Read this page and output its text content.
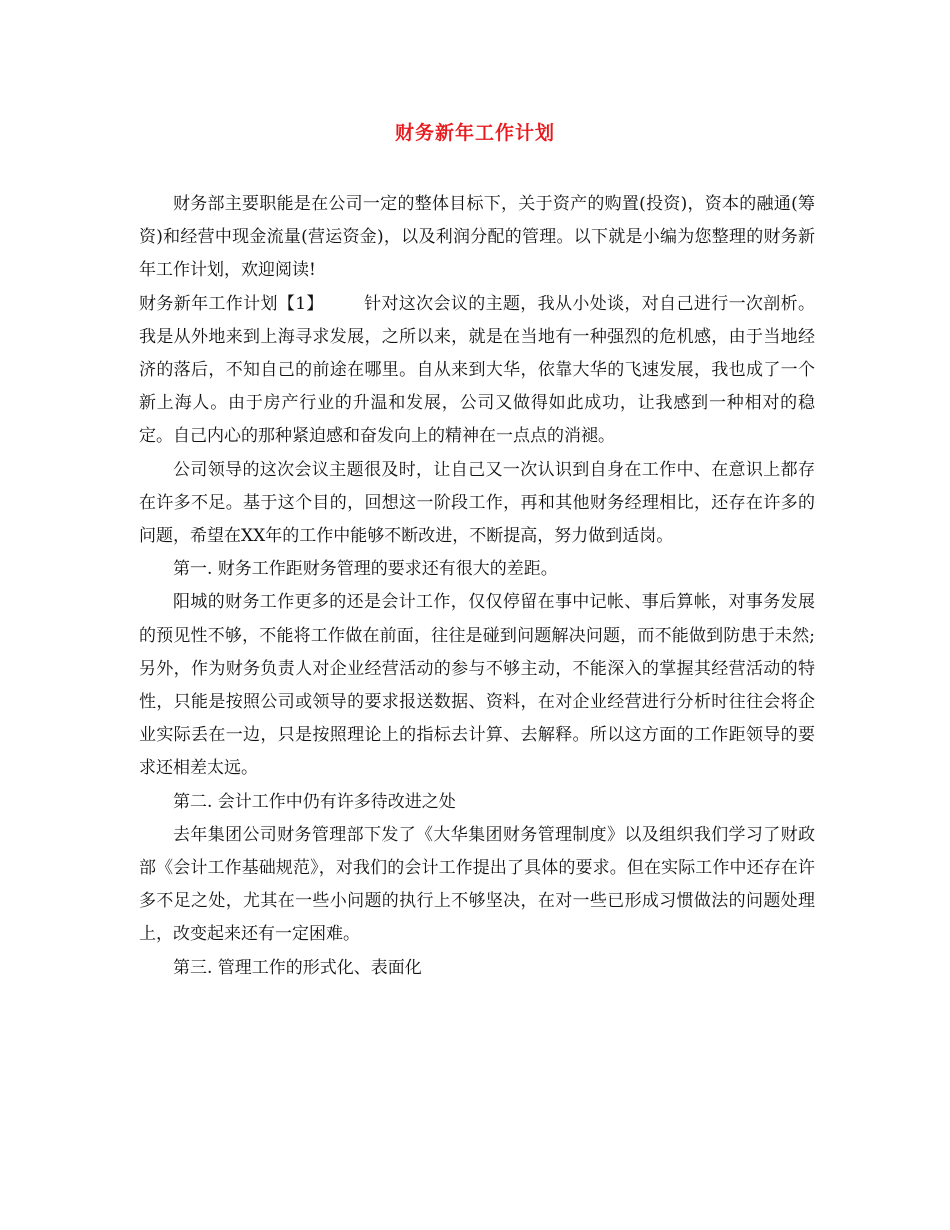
财务新年工作计划

财务部主要职能是在公司一定的整体目标下，关于资产的购置(投资)，资本的融通(筹资)和经营中现金流量(营运资金)，以及利润分配的管理。以下就是小编为您整理的财务新年工作计划，欢迎阅读!

财务新年工作计划【1】 针对这次会议的主题，我从小处谈，对自己进行一次剖析。我是从外地来到上海寻求发展，之所以来，就是在当地有一种强烈的危机感，由于当地经济的落后，不知自己的前途在哪里。自从来到大华，依靠大华的飞速发展，我也成了一个新上海人。由于房产行业的升温和发展，公司又做得如此成功，让我感到一种相对的稳定。自己内心的那种紧迫感和奋发向上的精神在一点点的消褪。

公司领导的这次会议主题很及时，让自己又一次认识到自身在工作中、在意识上都存在许多不足。基于这个目的，回想这一阶段工作，再和其他财务经理相比，还存在许多的问题，希望在XX年的工作中能够不断改进，不断提高，努力做到适岗。

第一. 财务工作距财务管理的要求还有很大的差距。

阳城的财务工作更多的还是会计工作，仅仅停留在事中记帐、事后算帐，对事务发展的预见性不够，不能将工作做在前面，往往是碰到问题解决问题，而不能做到防患于未然;另外，作为财务负责人对企业经营活动的参与不够主动，不能深入的掌握其经营活动的特性，只能是按照公司或领导的要求报送数据、资料，在对企业经营进行分析时往往会将企业实际丢在一边，只是按照理论上的指标去计算、去解释。所以这方面的工作距领导的要求还相差太远。

第二. 会计工作中仍有许多待改进之处

去年集团公司财务管理部下发了《大华集团财务管理制度》以及组织我们学习了财政部《会计工作基础规范》，对我们的会计工作提出了具体的要求。但在实际工作中还存在许多不足之处，尤其在一些小问题的执行上不够坚决，在对一些已形成习惯做法的问题处理上，改变起来还有一定困难。

第三. 管理工作的形式化、表面化
